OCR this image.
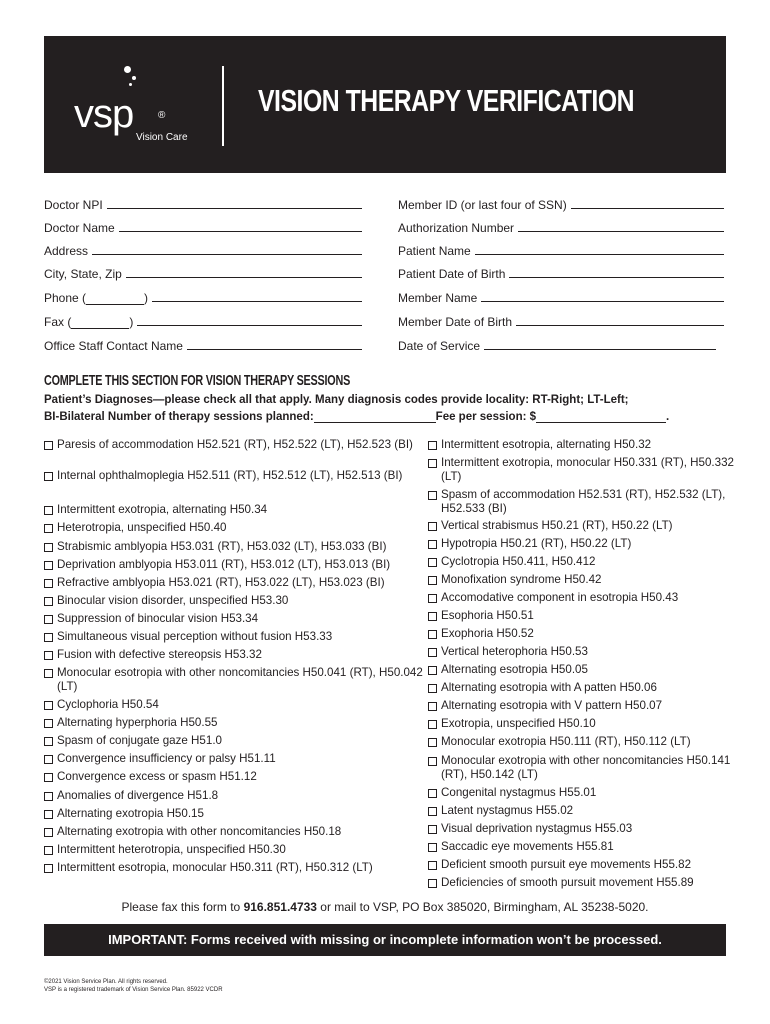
vsp ®
Vision Care
VISION THERAPY VERIFICATION
Doctor NPI
Doctor Name
Address
City, State, Zip
Phone (	)
Fax (	)
Office Staff Contact Name
Member ID (or last four of SSN)
Authorization Number
Patient Name
Patient Date of Birth
Member Name
Member Date of Birth
Date of Service
COMPLETE THIS SECTION FOR VISION THERAPY SESSIONS
Patient’s Diagnoses—please check all that apply. Many diagnosis codes provide locality: RT-Right; LT-Left;
BI-Bilateral Number of therapy sessions planned:	Fee per session: $	.
Paresis of accommodation H52.521 (RT), H52.522 (LT), H52.523 (BI)
Internal ophthalmoplegia H52.511 (RT), H52.512 (LT), H52.513 (BI)
Intermittent exotropia, alternating H50.34
Heterotropia, unspecified H50.40
Strabismic amblyopia H53.031 (RT), H53.032 (LT), H53.033 (BI)
Deprivation amblyopia H53.011 (RT), H53.012 (LT), H53.013 (BI)
Refractive amblyopia H53.021 (RT), H53.022 (LT), H53.023 (BI)
Binocular vision disorder, unspecified H53.30
Suppression of binocular vision H53.34
Simultaneous visual perception without fusion H53.33
Fusion with defective stereopsis H53.32
Monocular esotropia with other noncomitancies H50.041 (RT), H50.042 (LT)
Cyclophoria H50.54
Alternating hyperphoria H50.55
Spasm of conjugate gaze H51.0
Convergence insufficiency or palsy H51.11
Convergence excess or spasm H51.12
Anomalies of divergence H51.8
Alternating exotropia H50.15
Alternating exotropia with other noncomitancies H50.18
Intermittent heterotropia, unspecified H50.30
Intermittent esotropia, monocular H50.311 (RT), H50.312 (LT)
Intermittent esotropia, alternating H50.32
Intermittent exotropia, monocular H50.331 (RT), H50.332 (LT)
Spasm of accommodation H52.531 (RT), H52.532 (LT), H52.533 (BI)
Vertical strabismus H50.21 (RT), H50.22 (LT)
Hypotropia H50.21 (RT), H50.22 (LT)
Cyclotropia H50.411, H50.412
Monofixation syndrome H50.42
Accomodative component in esotropia H50.43
Esophoria H50.51
Exophoria H50.52
Vertical heterophoria H50.53
Alternating esotropia H50.05
Alternating esotropia with A patten H50.06
Alternating esotropia with V pattern H50.07
Exotropia, unspecified H50.10
Monocular exotropia H50.111 (RT), H50.112 (LT)
Monocular exotropia with other noncomitancies H50.141 (RT), H50.142 (LT)
Congenital nystagmus H55.01
Latent nystagmus H55.02
Visual deprivation nystagmus H55.03
Saccadic eye movements H55.81
Deficient smooth pursuit eye movements H55.82
Deficiencies of smooth pursuit movement H55.89
Please fax this form to 916.851.4733 or mail to VSP, PO Box 385020, Birmingham, AL 35238-5020.
IMPORTANT: Forms received with missing or incomplete information won’t be processed.
©2021 Vision Service Plan. All rights reserved.
VSP is a registered trademark of Vision Service Plan. 85922 VCDR
